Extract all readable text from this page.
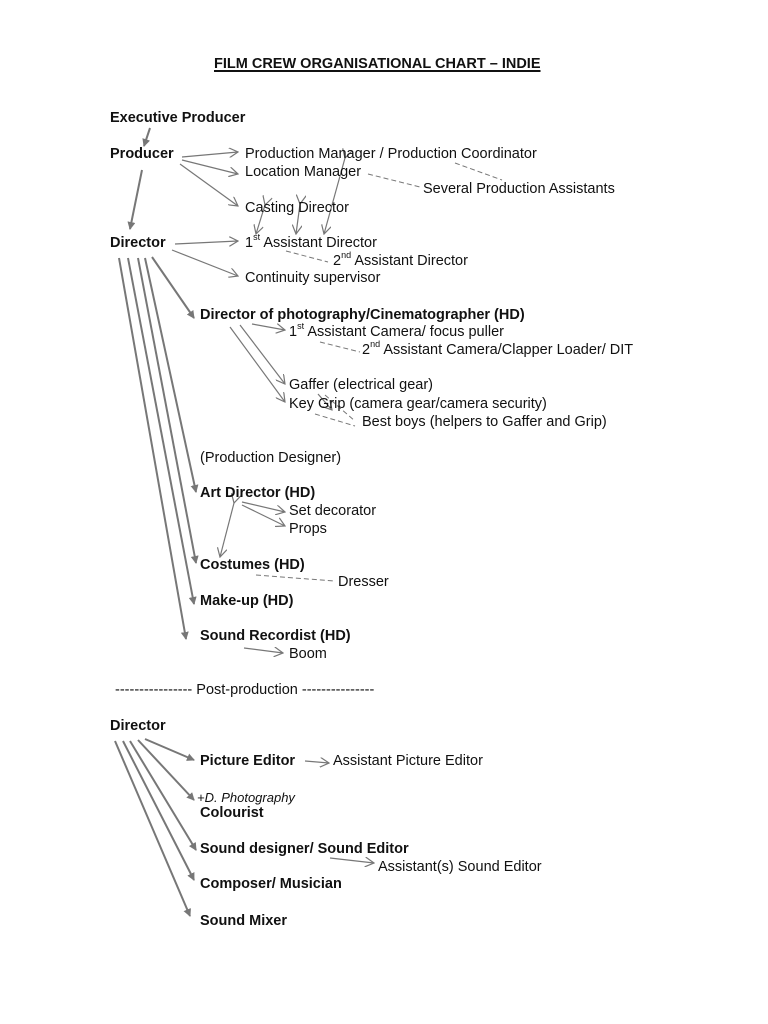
FILM CREW ORGANISATIONAL CHART – INDIE
Executive Producer
Producer	Production Manager / Production Coordinator
Location Manager
Several Production Assistants
Casting Director
Director	1st Assistant Director
2nd Assistant Director
Continuity supervisor
Director of photography/Cinematographer (HD)
1st Assistant Camera/ focus puller
2nd Assistant Camera/Clapper Loader/ DIT
Gaffer (electrical gear)
Key Grip (camera gear/camera security)
Best boys (helpers to Gaffer and Grip)
(Production Designer)
Art Director (HD)
Set decorator
Props
Costumes (HD)
Dresser
Make-up (HD)
Sound Recordist (HD)
Boom
---------------- Post-production ---------------
Director
Picture Editor	Assistant Picture Editor
+D. Photography
Colourist
Sound designer/ Sound Editor
Assistant(s) Sound Editor
Composer/ Musician
Sound Mixer
